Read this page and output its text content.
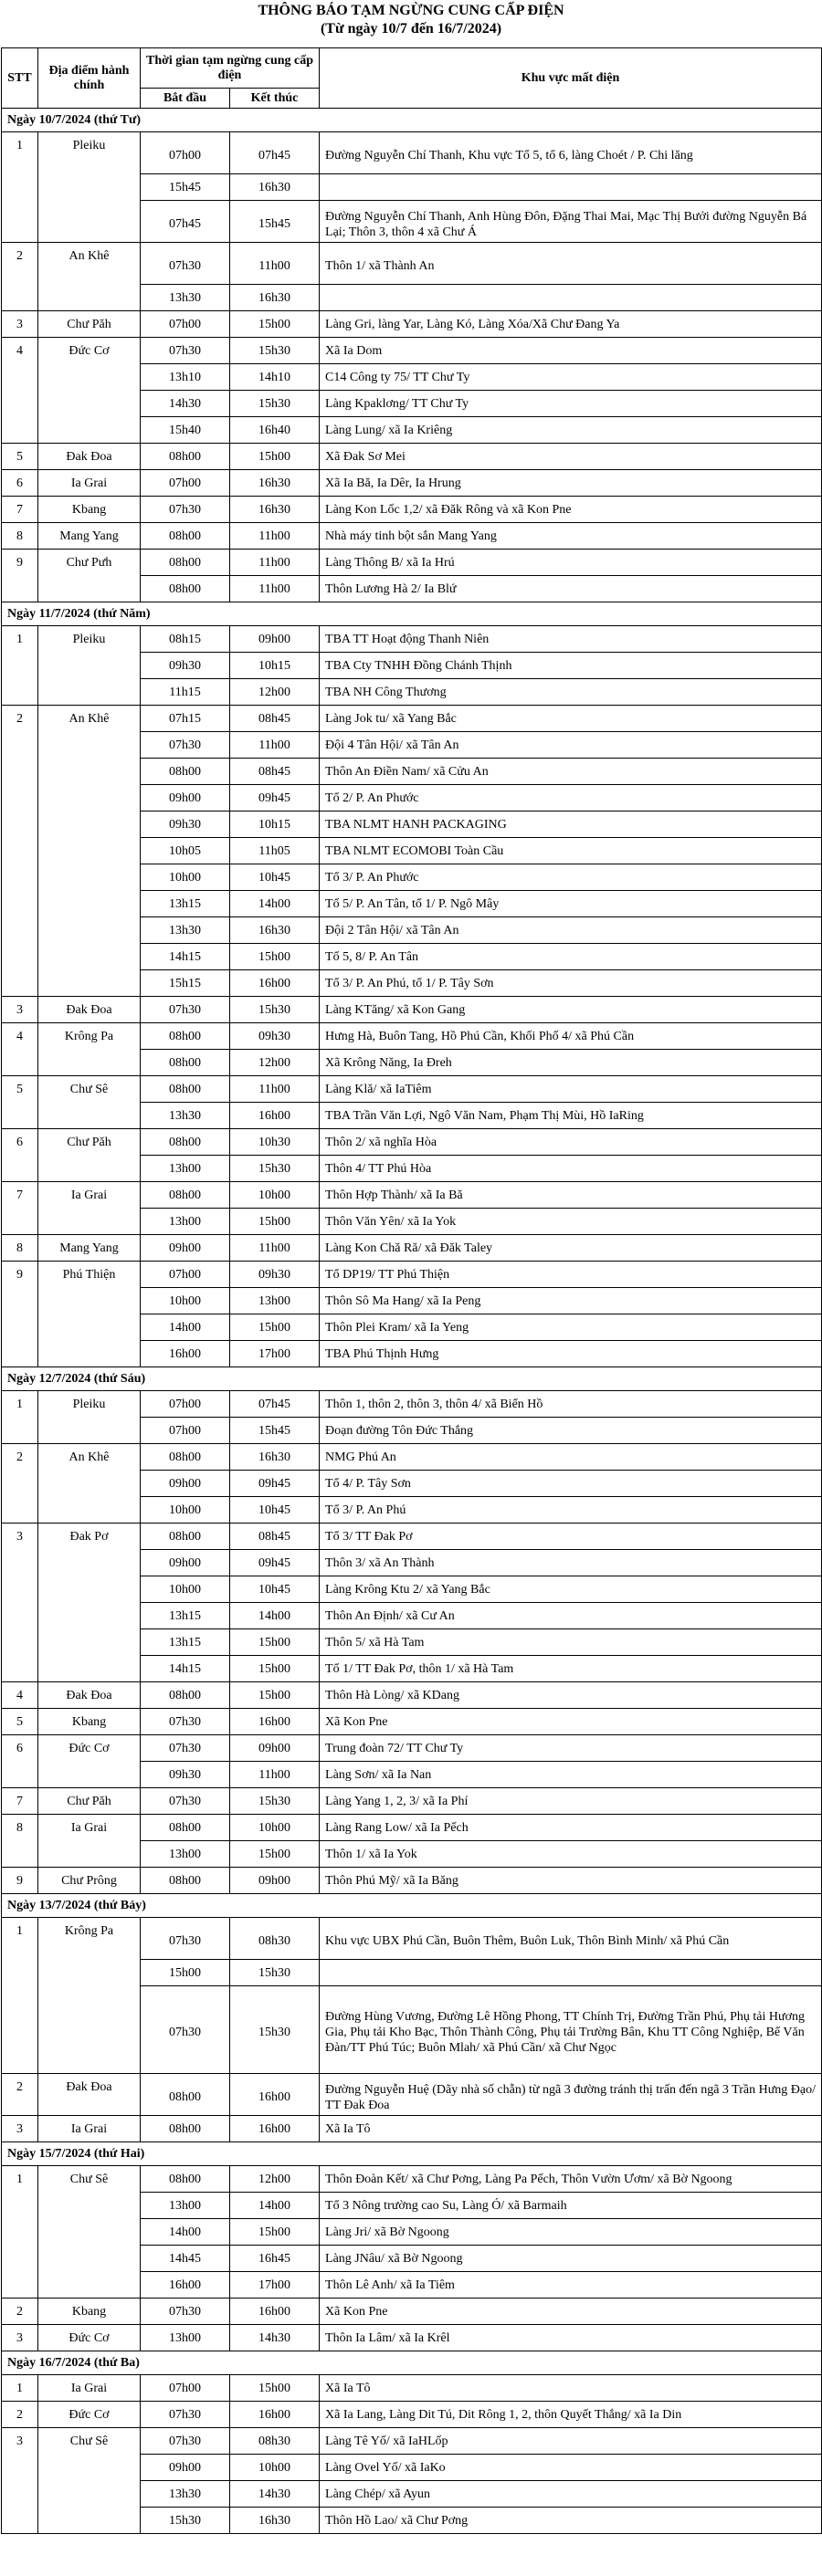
THÔNG BÁO TẠM NGỪNG CUNG CẤP ĐIỆN
(Từ ngày 10/7 đến 16/7/2024)
STT	Địa điểm hành chính	Thời gian tạm ngừng cung cấp điện		Khu vực mất điện
		Bắt đầu	Kết thúc	
Ngày 10/7/2024 (thứ Tư)				
1	Pleiku	07h00	07h45	Đường Nguyễn Chí Thanh, Khu vực Tổ 5, tổ 6, làng Choét / P. Chi lăng
		15h45	16h30	
		07h45	15h45	Đường Nguyễn Chí Thanh, Anh Hùng Đôn, Đặng Thai Mai, Mạc Thị Bưởi đường Nguyễn Bá Lại; Thôn 3, thôn 4 xã Chư Á
2	An Khê	07h30	11h00	Thôn 1/ xã Thành An
		13h30	16h30	
3	Chư Păh	07h00	15h00	Làng Gri, làng Yar, Làng Kó, Làng Xóa/Xã Chư Đang Ya
4	Đức Cơ	07h30	15h30	Xã Ia Dom
		13h10	14h10	C14 Công ty 75/ TT Chư Ty
		14h30	15h30	Làng Kpaklơng/ TT Chư Ty
		15h40	16h40	Làng Lung/ xã Ia Kriêng
5	Đak Đoa	08h00	15h00	Xã Đak Sơ Mei
6	Ia Grai	07h00	16h30	Xã Ia Bă, Ia Dêr, Ia Hrung
7	Kbang	07h30	16h30	Làng Kon Lốc 1,2/ xã Đăk Rông và xã Kon Pne
8	Mang Yang	08h00	11h00	Nhà máy tinh bột sắn Mang Yang
9	Chư Pưh	08h00	11h00	Làng Thông B/ xã Ia Hrú
		08h00	11h00	Thôn Lương Hà 2/ Ia Blứ
Ngày 11/7/2024 (thứ Năm)				
1	Pleiku	08h15	09h00	TBA TT Hoạt động Thanh Niên
		09h30	10h15	TBA Cty TNHH Đồng Chánh Thịnh
		11h15	12h00	TBA NH Công Thương
2	An Khê	07h15	08h45	Làng Jok tu/ xã Yang Bắc
		07h30	11h00	Đội 4 Tân Hội/ xã Tân An
		08h00	08h45	Thôn An Điền Nam/ xã Cửu An
		09h00	09h45	Tổ 2/ P. An Phước
		09h30	10h15	TBA NLMT HANH PACKAGING
		10h05	11h05	TBA NLMT ECOMOBI Toàn Cầu
		10h00	10h45	Tổ 3/ P. An Phước
		13h15	14h00	Tổ 5/ P. An Tân, tổ 1/ P. Ngô Mây
		13h30	16h30	Đội 2 Tân Hội/ xã Tân An
		14h15	15h00	Tổ 5, 8/ P. An Tân
		15h15	16h00	Tổ 3/ P. An Phú, tổ 1/ P. Tây Sơn
3	Đak Đoa	07h30	15h30	Làng KTăng/ xã Kon Gang
4	Krông Pa	08h00	09h30	Hưng Hà, Buôn Tang, Hồ Phú Cần, Khối Phố 4/ xã Phú Cần
		08h00	12h00	Xã Krông Năng, Ia Đreh
5	Chư Sê	08h00	11h00	Làng Klă/ xã IaTiêm
		13h30	16h00	TBA Trần Văn Lợi, Ngô Văn Nam, Phạm Thị Mùi, Hồ IaRing
6	Chư Păh	08h00	10h30	Thôn 2/ xã nghĩa Hòa
		13h00	15h30	Thôn 4/ TT Phú Hòa
7	Ia Grai	08h00	10h00	Thôn Hợp Thành/ xã Ia Bă
		13h00	15h00	Thôn Văn Yên/ xã Ia Yok
8	Mang Yang	09h00	11h00	Làng Kon Chă Ră/ xã Đăk Taley
9	Phú Thiện	07h00	09h30	Tổ DP19/ TT Phú Thiện
		10h00	13h00	Thôn Sô Ma Hang/ xã Ia Peng
		14h00	15h00	Thôn Plei Kram/ xã Ia Yeng
		16h00	17h00	TBA Phú Thịnh Hưng
Ngày 12/7/2024 (thứ Sáu)				
1	Pleiku	07h00	07h45	Thôn 1, thôn 2, thôn 3, thôn 4/ xã Biển Hồ
		07h00	15h45	Đoạn đường Tôn Đức Thắng
2	An Khê	08h00	16h30	NMG Phú An
		09h00	09h45	Tổ 4/ P. Tây Sơn
		10h00	10h45	Tổ 3/ P. An Phú
3	Đak Pơ	08h00	08h45	Tổ 3/ TT Đak Pơ
		09h00	09h45	Thôn 3/ xã An Thành
		10h00	10h45	Làng Krông Ktu 2/ xã Yang Bắc
		13h15	14h00	Thôn An Định/ xã Cư An
		13h15	15h00	Thôn 5/ xã Hà Tam
		14h15	15h00	Tổ 1/ TT Đak Pơ, thôn 1/ xã Hà Tam
4	Đak Đoa	08h00	15h00	Thôn Hà Lòng/ xã KDang
5	Kbang	07h30	16h00	Xã Kon Pne
6	Đức Cơ	07h30	09h00	Trung đoàn 72/ TT Chư Ty
		09h30	11h00	Làng Sơn/ xã Ia Nan
7	Chư Păh	07h30	15h30	Làng Yang 1, 2, 3/ xã Ia Phí
8	Ia Grai	08h00	10h00	Làng Rang Low/ xã Ia Pếch
		13h00	15h00	Thôn 1/ xã Ia Yok
9	Chư Prông	08h00	09h00	Thôn Phú Mỹ/ xã Ia Băng
Ngày 13/7/2024 (thứ Bảy)				
1	Krông Pa	07h30	08h30	Khu vực UBX Phú Cần, Buôn Thêm, Buôn Luk, Thôn Bình Minh/ xã Phú Cần
		15h00	15h30	
		07h30	15h30	Đường Hùng Vương, Đường Lê Hồng Phong, TT Chính Trị, Đường Trần Phú, Phụ tải Hương Gia, Phụ tải Kho Bạc, Thôn Thành Công, Phụ tải Trường Bân, Khu TT Công Nghiệp, Bể Văn Đàn/TT Phú Túc; Buôn Mlah/ xã Phú Cần/ xã Chư Ngọc
2	Đak Đoa	08h00	16h00	Đường Nguyễn Huệ (Dãy nhà số chẵn) từ ngã 3 đường tránh thị trấn đến ngã 3 Trần Hưng Đạo/ TT Đak Đoa
3	Ia Grai	08h00	16h00	Xã Ia Tô
Ngày 15/7/2024 (thứ Hai)				
1	Chư Sê	08h00	12h00	Thôn Đoàn Kết/ xã Chư Pơng, Làng Pa Pếch, Thôn Vườn Ươm/ xã Bờ Ngoong
		13h00	14h00	Tổ 3 Nông trường cao Su, Làng Ó/ xã Barmaih
		14h00	15h00	Làng Jri/ xã Bờ Ngoong
		14h45	16h45	Làng JNâu/ xã Bờ Ngoong
		16h00	17h00	Thôn Lê Anh/ xã Ia Tiêm
2	Kbang	07h30	16h00	Xã Kon Pne
3	Đức Cơ	13h00	14h30	Thôn Ia Lâm/ xã Ia Krêl
Ngày 16/7/2024 (thứ Ba)				
1	Ia Grai	07h00	15h00	Xã Ia Tô
2	Đức Cơ	07h30	16h00	Xã Ia Lang, Làng Dit Tú, Dit Rông 1, 2, thôn Quyết Thắng/ xã Ia Din
3	Chư Sê	07h30	08h30	Làng Tê Yố/ xã IaHLốp
		09h00	10h00	Làng Ovel Yố/ xã IaKo
		13h30	14h30	Làng Chép/ xã Ayun
		15h30	16h30	Thôn Hồ Lao/ xã Chư Pơng
